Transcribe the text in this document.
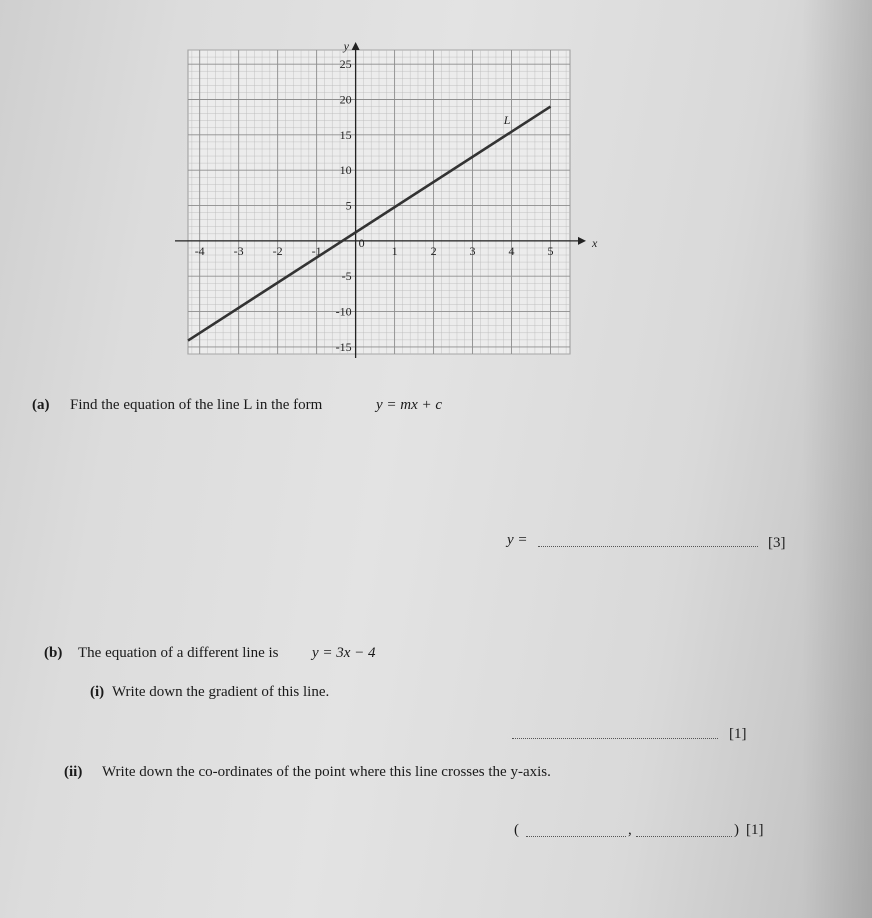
x
y
-4 -3 -2 -1
0
1	2	3	4	5
25
20
15
10
5
-5
-10
-15
L
(a) Find the equation of the line L in the form	y = mx + c
y =	[3]
(b) The equation of a different line is y = 3x − 4
(i) Write down the gradient of this line.
[1]
(ii) Write down the co-ordinates of the point where this line crosses the y-axis.
(	,	) [1]
